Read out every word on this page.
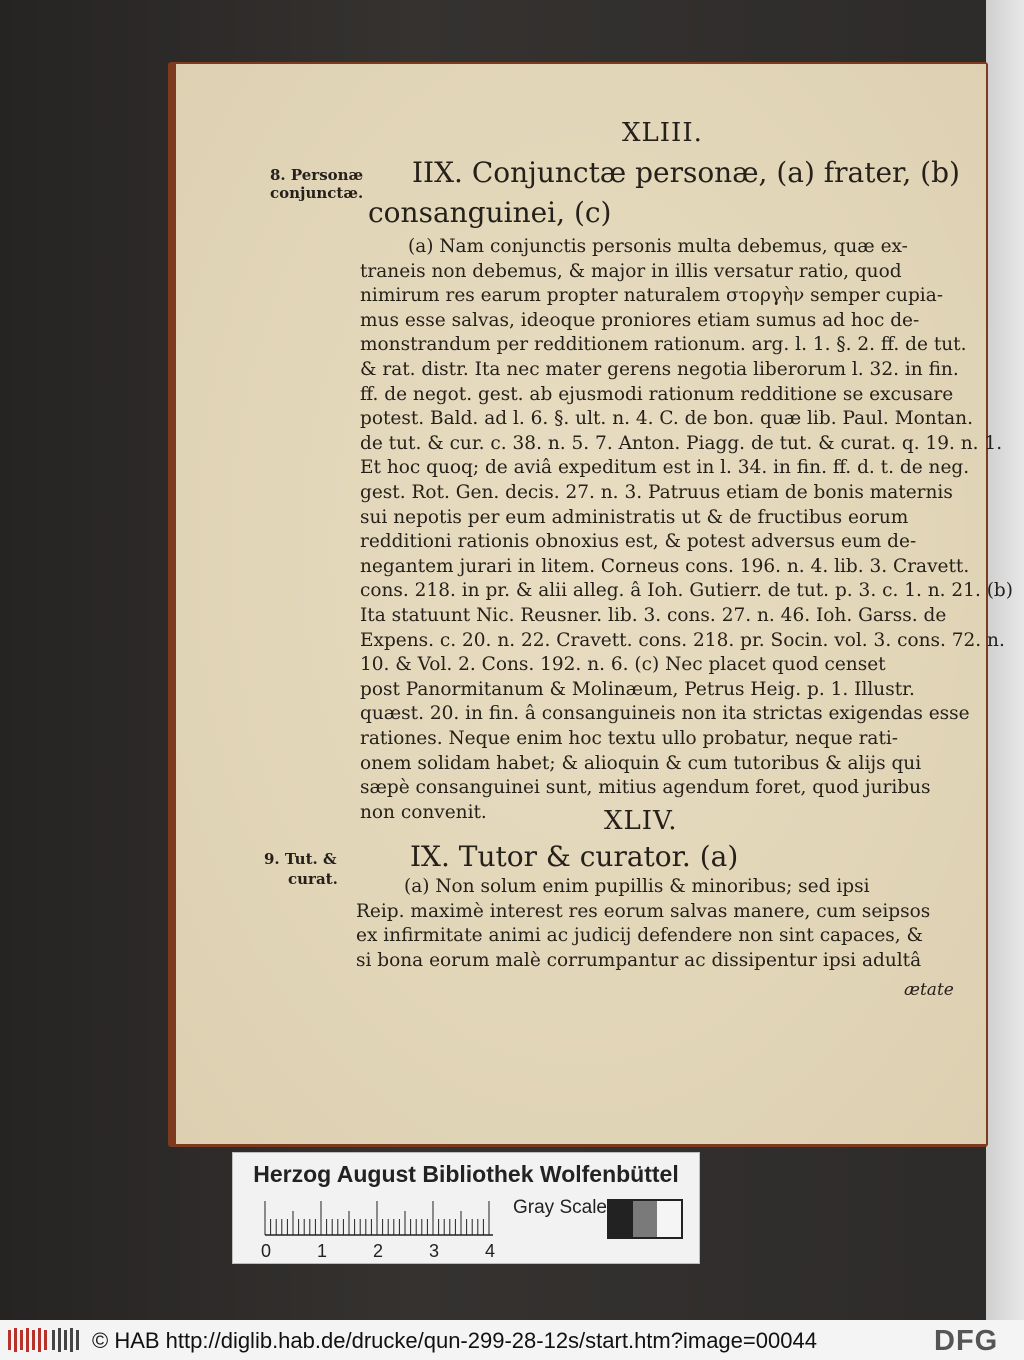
XLIII.
8. Personæ
conjunctæ.
IIX. Conjunctæ personæ, (a) frater, (b)
consanguinei, (c)
(a) Nam conjunctis personis multa debemus, quæ ex-
traneis non debemus, & major in illis versatur ratio, quod
nimirum res earum propter naturalem στοργὴν semper cupia-
mus esse salvas, ideoque proniores etiam sumus ad hoc de-
monstrandum per redditionem rationum. arg. l. 1. §. 2. ff. de tut.
& rat. distr. Ita nec mater gerens negotia liberorum l. 32. in fin.
ff. de negot. gest. ab ejusmodi rationum redditione se excusare
potest. Bald. ad l. 6. §. ult. n. 4. C. de bon. quæ lib. Paul. Montan.
de tut. & cur. c. 38. n. 5. 7. Anton. Piagg. de tut. & curat. q. 19. n. 1.
Et hoc quoq; de aviâ expeditum est in l. 34. in fin. ff. d. t. de neg.
gest. Rot. Gen. decis. 27. n. 3. Patruus etiam de bonis maternis
sui nepotis per eum administratis ut & de fructibus eorum
redditioni rationis obnoxius est, & potest adversus eum de-
negantem jurari in litem. Corneus cons. 196. n. 4. lib. 3. Cravett.
cons. 218. in pr. & alii alleg. â Ioh. Gutierr. de tut. p. 3. c. 1. n. 21. (b)
Ita statuunt Nic. Reusner. lib. 3. cons. 27. n. 46. Ioh. Garss. de
Expens. c. 20. n. 22. Cravett. cons. 218. pr. Socin. vol. 3. cons. 72. n.
10. & Vol. 2. Cons. 192. n. 6. (c) Nec placet quod censet
post Panormitanum & Molinæum, Petrus Heig. p. 1. Illustr.
quæst. 20. in fin. â consanguineis non ita strictas exigendas esse
rationes. Neque enim hoc textu ullo probatur, neque rati-
onem solidam habet; & alioquin & cum tutoribus & alijs qui
sæpè consanguinei sunt, mitius agendum foret, quod juribus
non convenit.	XLIV.
9. Tut. &
curat.
IX. Tutor & curator. (a)
(a) Non solum enim pupillis & minoribus; sed ipsi
Reip. maximè interest res eorum salvas manere, cum seipsos
ex infirmitate animi ac judicij defendere non sint capaces, &
si bona eorum malè corrumpantur ac dissipentur ipsi adultâ
ætate
Herzog August Bibliothek Wolfenbüttel
Gray Scale
0	1	2	3	4
© HAB http://diglib.hab.de/drucke/qun-299-28-12s/start.htm?image=00044	DFG
